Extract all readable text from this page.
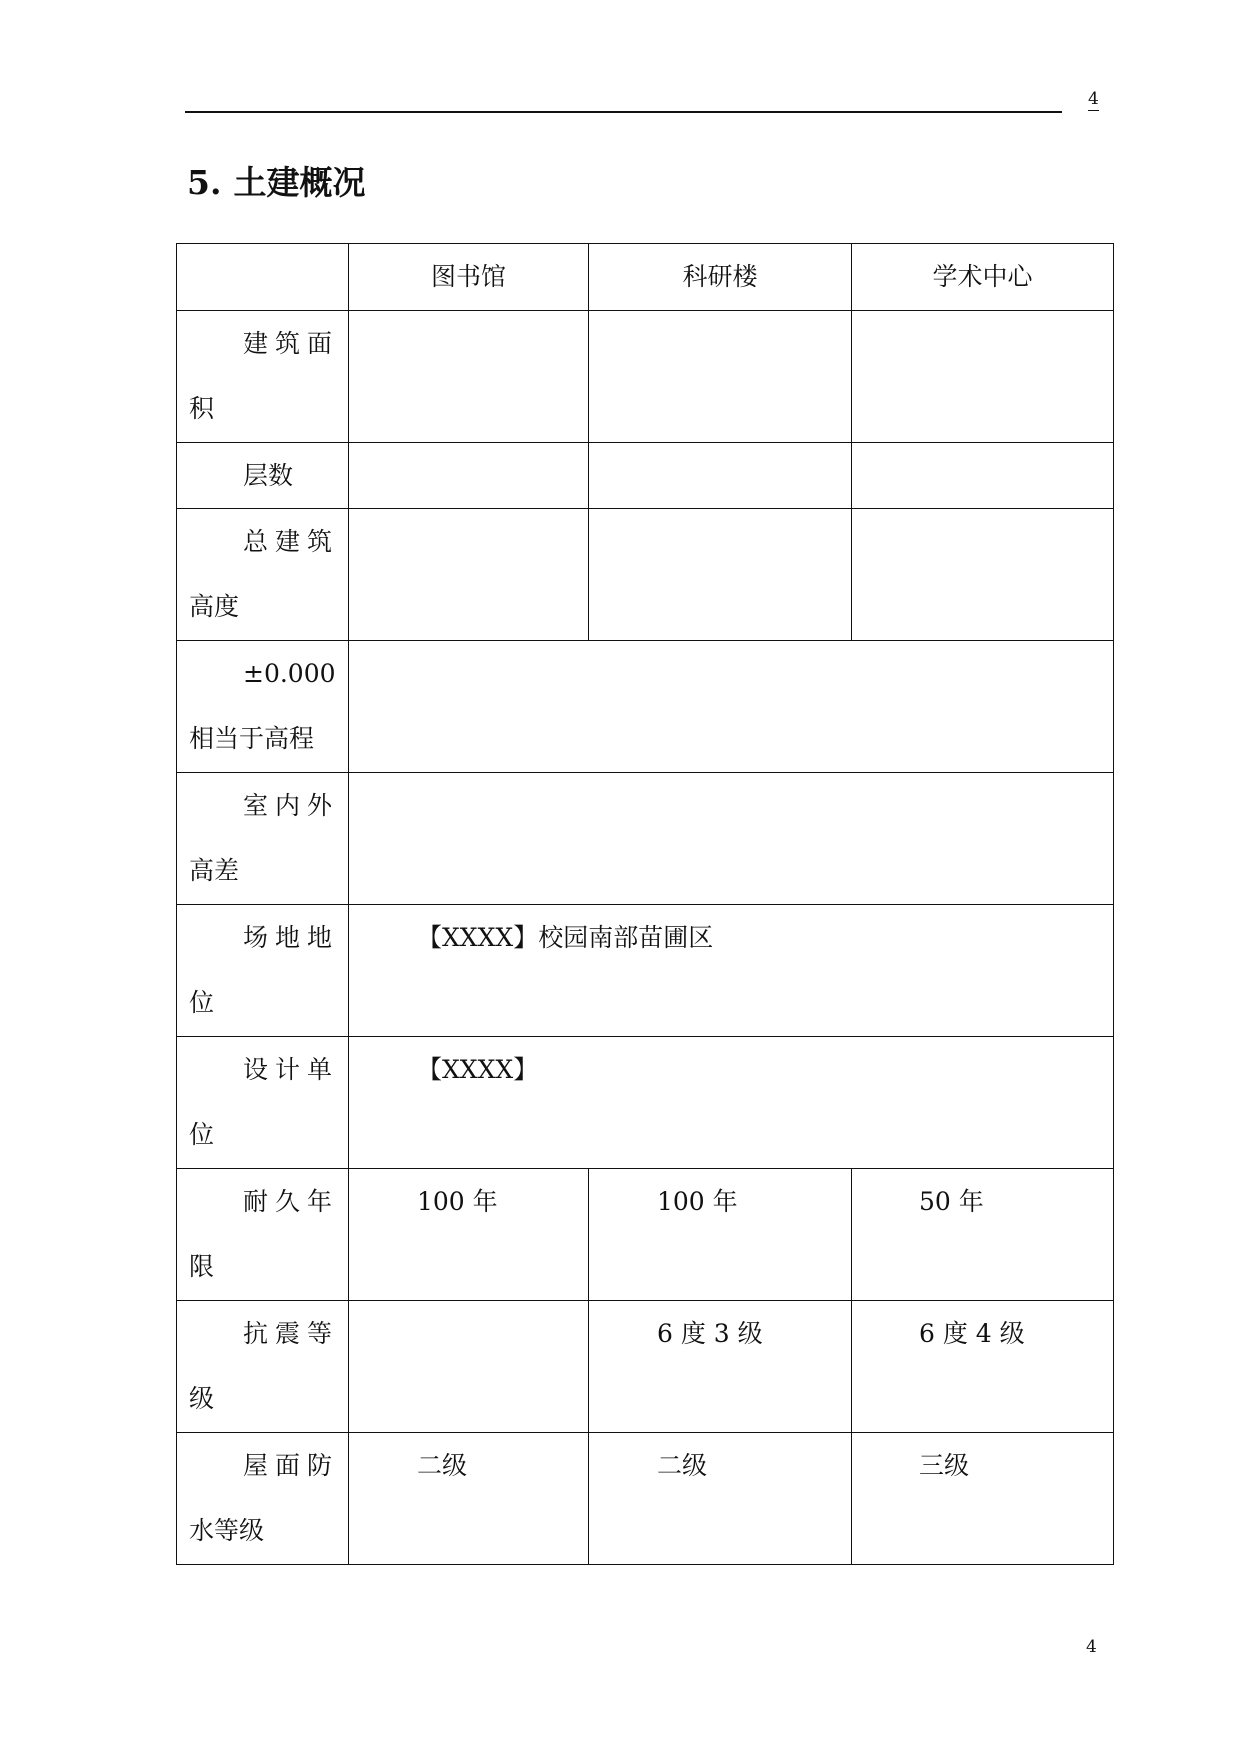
4
5. 土建概况
	图书馆	科研楼	学术中心

建筑面
积			

层数			

总建筑
高度			

±0.000
相当于高程			

室内外
高差			

场地地
位	【XXXX】校园南部苗圃区		

设计单
位	【XXXX】		

耐久年
限	100 年	100 年	50 年

抗震等
级		6 度 3 级	6 度 4 级

屋面防
水等级	二级	二级	三级
4
